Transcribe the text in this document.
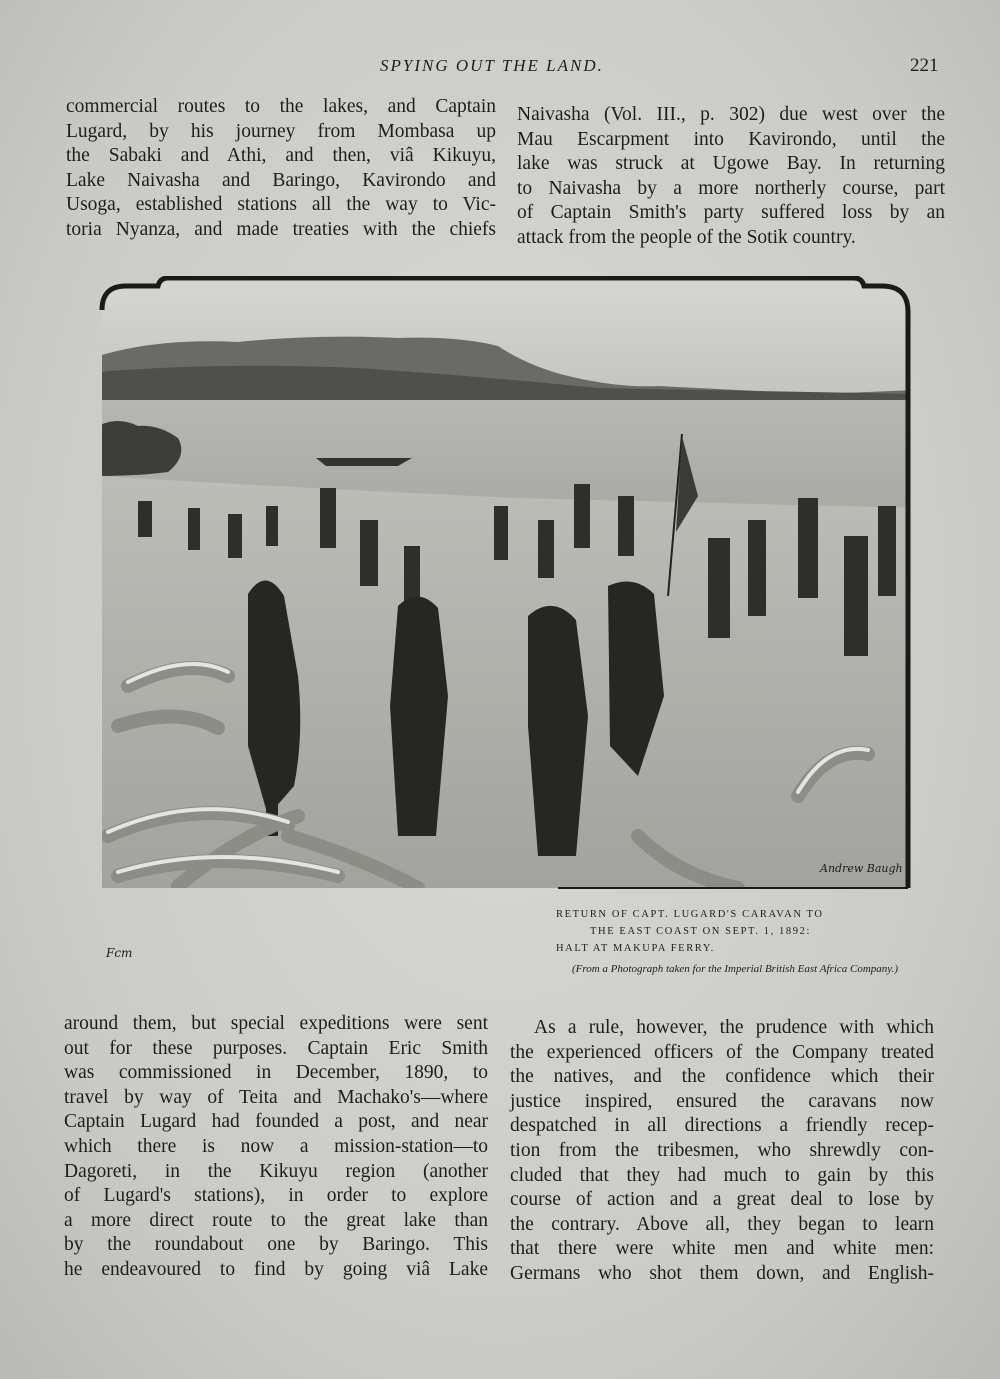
SPYING OUT THE LAND.	221

commercial routes to the lakes, and Captain

Lugard, by his journey from Mombasa up

the Sabaki and Athi, and then, viâ Kikuyu,

Lake Naivasha and Baringo, Kavirondo and

Usoga, established stations all the way to Vic-

toria Nyanza, and made treaties with the chiefs

Naivasha (Vol. III., p. 302) due west over the

Mau Escarpment into Kavirondo, until the

lake was struck at Ugowe Bay. In returning

to Naivasha by a more northerly course, part

of Captain Smith's party suffered loss by an

attack from the people of the Sotik country.

Fcm
Andrew Baugh
RETURN OF CAPT. LUGARD'S CARAVAN TO
THE EAST COAST ON SEPT. 1, 1892:
HALT AT MAKUPA FERRY.
(From a Photograph taken for the Imperial British East Africa Company.)

around them, but special expeditions were sent

out for these purposes. Captain Eric Smith

was commissioned in December, 1890, to

travel by way of Teita and Machako's—where

Captain Lugard had founded a post, and near

which there is now a mission-station—to

Dagoreti, in the Kikuyu region (another

of Lugard's stations), in order to explore

a more direct route to the great lake than

by the roundabout one by Baringo. This

he endeavoured to find by going viâ Lake

As a rule, however, the prudence with which

the experienced officers of the Company treated

the natives, and the confidence which their

justice inspired, ensured the caravans now

despatched in all directions a friendly recep-

tion from the tribesmen, who shrewdly con-

cluded that they had much to gain by this

course of action and a great deal to lose by

the contrary. Above all, they began to learn

that there were white men and white men:

Germans who shot them down, and English-
